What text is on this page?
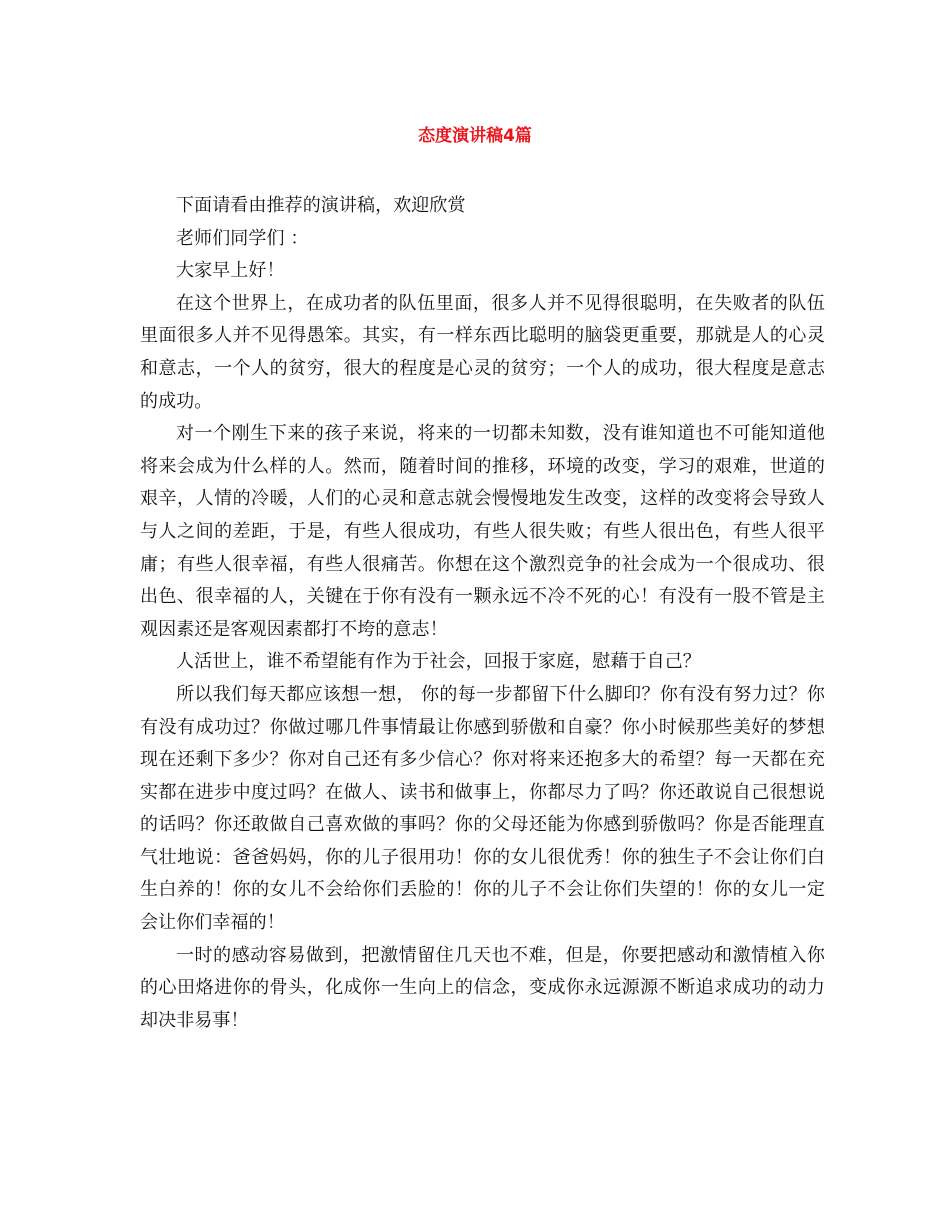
态度演讲稿4篇

下面请看由推荐的演讲稿，欢迎欣赏

老师们同学们 ：

大家早上好！

在这个世界上，在成功者的队伍里面，很多人并不见得很聪明，在失败者的队伍里面很多人并不见得愚笨。其实，有一样东西比聪明的脑袋更重要，那就是人的心灵和意志，一个人的贫穷，很大的程度是心灵的贫穷；一个人的成功，很大程度是意志的成功。

对一个刚生下来的孩子来说，将来的一切都未知数，没有谁知道也不可能知道他将来会成为什么样的人。然而，随着时间的推移，环境的改变，学习的艰难，世道的艰辛，人情的冷暖，人们的心灵和意志就会慢慢地发生改变，这样的改变将会导致人与人之间的差距，于是，有些人很成功，有些人很失败；有些人很出色，有些人很平庸；有些人很幸福，有些人很痛苦。你想在这个激烈竞争的社会成为一个很成功、很出色、很幸福的人，关键在于你有没有一颗永远不冷不死的心！有没有一股不管是主观因素还是客观因素都打不垮的意志！

人活世上，谁不希望能有作为于社会，回报于家庭，慰藉于自己？

所以我们每天都应该想一想， 你的每一步都留下什么脚印？你有没有努力过？你有没有成功过？你做过哪几件事情最让你感到骄傲和自豪？你小时候那些美好的梦想现在还剩下多少？你对自己还有多少信心？你对将来还抱多大的希望？每一天都在充实都在进步中度过吗？在做人、读书和做事上，你都尽力了吗？你还敢说自己很想说的话吗？你还敢做自己喜欢做的事吗？你的父母还能为你感到骄傲吗？你是否能理直气壮地说：爸爸妈妈，你的儿子很用功！你的女儿很优秀！你的独生子不会让你们白生白养的！你的女儿不会给你们丢脸的！你的儿子不会让你们失望的！你的女儿一定会让你们幸福的！

一时的感动容易做到，把激情留住几天也不难，但是，你要把感动和激情植入你的心田烙进你的骨头，化成你一生向上的信念，变成你永远源源不断追求成功的动力却决非易事！
